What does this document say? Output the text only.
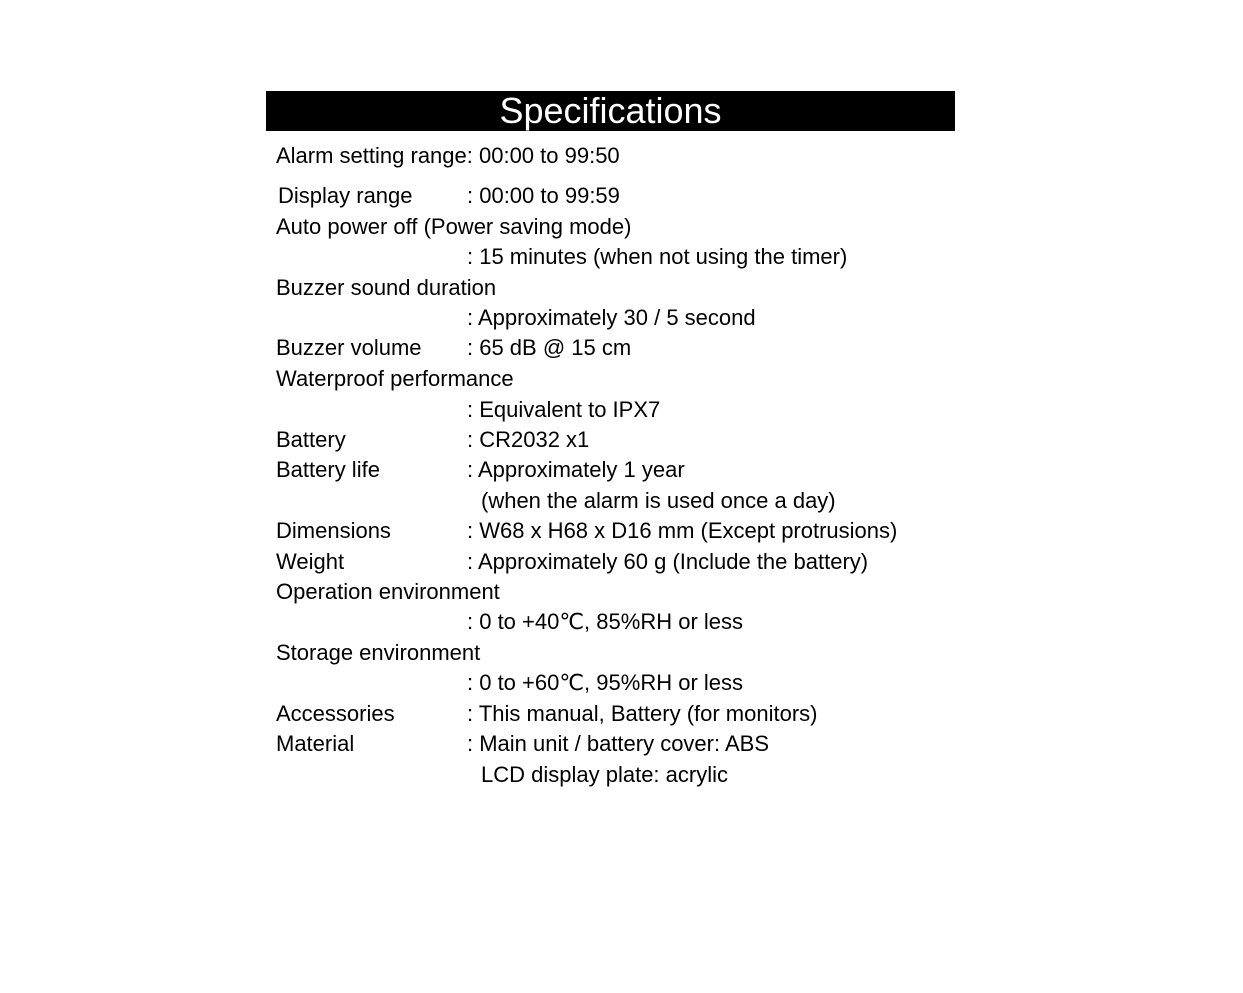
Specifications
Alarm setting range: 00:00 to 99:50
Display range : 00:00 to 99:59
Auto power off (Power saving mode)
: 15 minutes (when not using the timer)
Buzzer sound duration
: Approximately 30 / 5 second
Buzzer volume : 65 dB @ 15 cm
Waterproof performance
: Equivalent to IPX7
Battery	: CR2032 x1
Battery life	: Approximately 1 year
(when the alarm is used once a day)
Dimensions	: W68 x H68 x D16 mm (Except protrusions)
Weight	: Approximately 60 g (Include the battery)
Operation environment
: 0 to +40℃, 85%RH or less
Storage environment
: 0 to +60℃, 95%RH or less
Accessories	: This manual, Battery (for monitors)
Material	: Main unit / battery cover: ABS
LCD display plate: acrylic
